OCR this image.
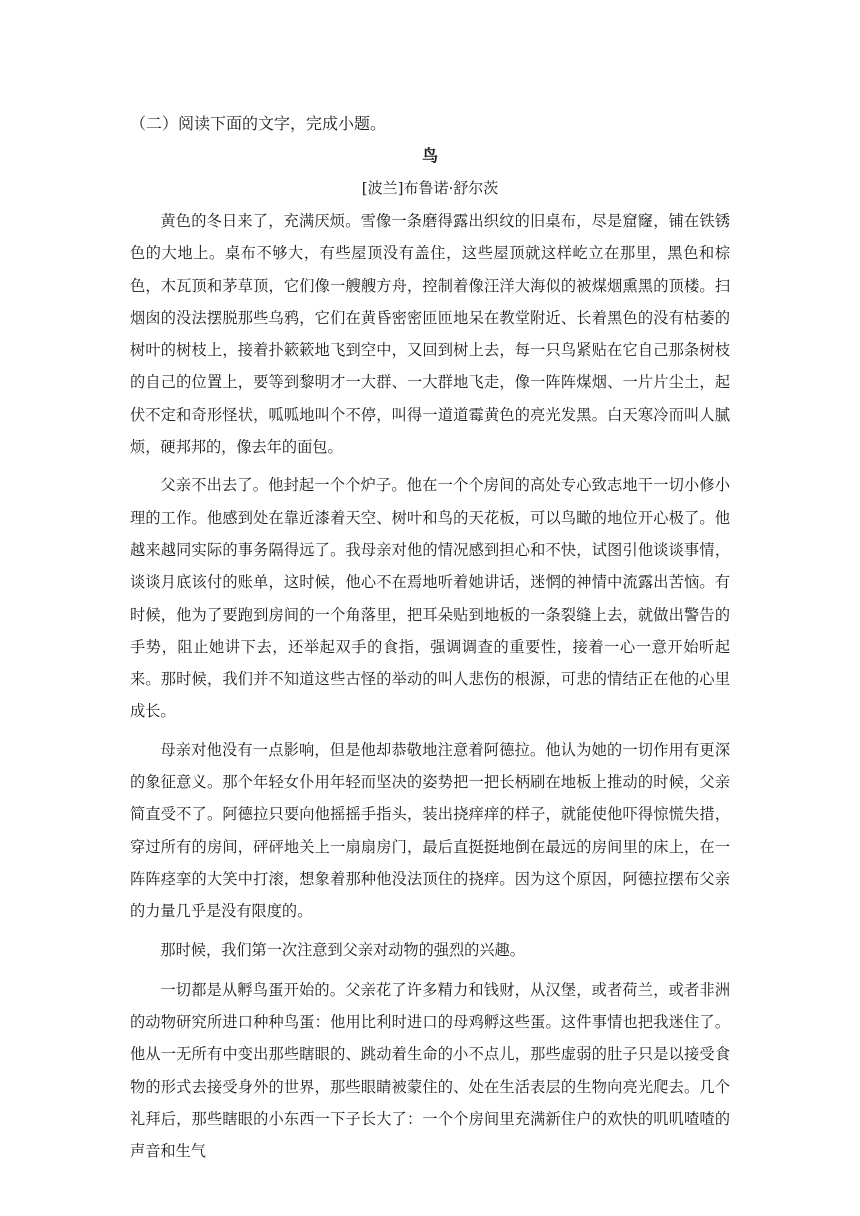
（二）阅读下面的文字，完成小题。
鸟
[波兰]布鲁诺·舒尔茨

黄色的冬日来了，充满厌烦。雪像一条磨得露出织纹的旧桌布，尽是窟窿，铺在铁锈色的大地上。桌布不够大，有些屋顶没有盖住，这些屋顶就这样屹立在那里，黑色和棕色，木瓦顶和茅草顶，它们像一艘艘方舟，控制着像汪洋大海似的被煤烟熏黑的顶楼。扫烟囱的没法摆脱那些乌鸦，它们在黄昏密密匝匝地呆在教堂附近、长着黑色的没有枯萎的树叶的树枝上，接着扑簌簌地飞到空中，又回到树上去，每一只鸟紧贴在它自己那条树枝的自己的位置上，要等到黎明才一大群、一大群地飞走，像一阵阵煤烟、一片片尘土，起伏不定和奇形怪状，呱呱地叫个不停，叫得一道道霉黄色的亮光发黑。白天寒冷而叫人腻烦，硬邦邦的，像去年的面包。

父亲不出去了。他封起一个个炉子。他在一个个房间的高处专心致志地干一切小修小理的工作。他感到处在靠近漆着天空、树叶和鸟的天花板，可以鸟瞰的地位开心极了。他越来越同实际的事务隔得远了。我母亲对他的情况感到担心和不快，试图引他谈谈事情，谈谈月底该付的账单，这时候，他心不在焉地听着她讲话，迷惘的神情中流露出苦恼。有时候，他为了要跑到房间的一个角落里，把耳朵贴到地板的一条裂缝上去，就做出警告的手势，阻止她讲下去，还举起双手的食指，强调调查的重要性，接着一心一意开始听起来。那时候，我们并不知道这些古怪的举动的叫人悲伤的根源，可悲的情结正在他的心里成长。

母亲对他没有一点影响，但是他却恭敬地注意着阿德拉。他认为她的一切作用有更深的象征意义。那个年轻女仆用年轻而坚决的姿势把一把长柄刷在地板上推动的时候，父亲简直受不了。阿德拉只要向他摇摇手指头，装出挠痒痒的样子，就能使他吓得惊慌失措，穿过所有的房间，砰砰地关上一扇扇房门，最后直挺挺地倒在最远的房间里的床上，在一阵阵痉挛的大笑中打滚，想象着那种他没法顶住的挠痒。因为这个原因，阿德拉摆布父亲的力量几乎是没有限度的。

那时候，我们第一次注意到父亲对动物的强烈的兴趣。

一切都是从孵鸟蛋开始的。父亲花了许多精力和钱财，从汉堡，或者荷兰，或者非洲的动物研究所进口种种鸟蛋：他用比利时进口的母鸡孵这些蛋。这件事情也把我迷住了。他从一无所有中变出那些瞎眼的、跳动着生命的小不点儿，那些虚弱的肚子只是以接受食物的形式去接受身外的世界，那些眼睛被蒙住的、处在生活表层的生物向亮光爬去。几个礼拜后，那些瞎眼的小东西一下子长大了：一个个房间里充满新住户的欢快的叽叽喳喳的声音和生气
